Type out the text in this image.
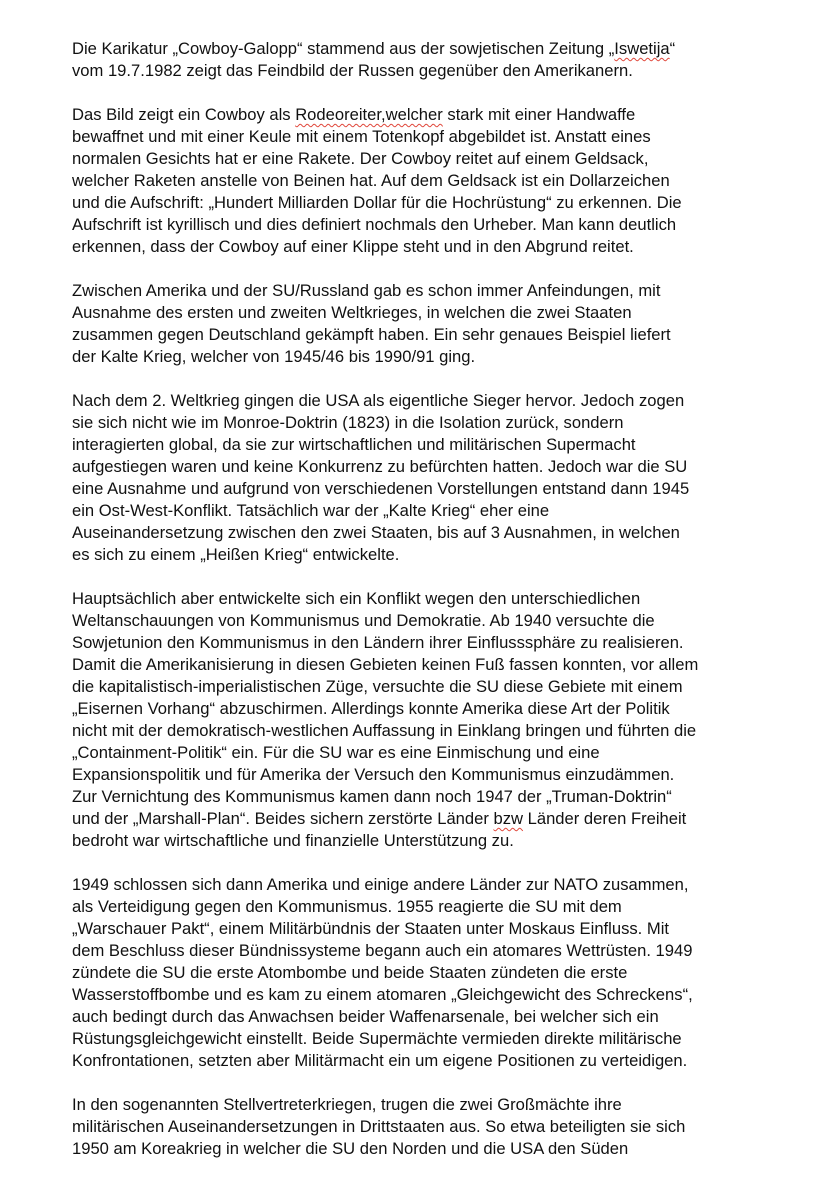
Die Karikatur „Cowboy-Galopp“ stammend aus der sowjetischen Zeitung „Iswetija“
vom 19.7.1982 zeigt das Feindbild der Russen gegenüber den Amerikanern.
Das Bild zeigt ein Cowboy als Rodeoreiter,welcher stark mit einer Handwaffe
bewaffnet und mit einer Keule mit einem Totenkopf abgebildet ist. Anstatt eines
normalen Gesichts hat er eine Rakete. Der Cowboy reitet auf einem Geldsack,
welcher Raketen anstelle von Beinen hat. Auf dem Geldsack ist ein Dollarzeichen
und die Aufschrift: „Hundert Milliarden Dollar für die Hochrüstung“ zu erkennen. Die
Aufschrift ist kyrillisch und dies definiert nochmals den Urheber. Man kann deutlich
erkennen, dass der Cowboy auf einer Klippe steht und in den Abgrund reitet.
Zwischen Amerika und der SU/Russland gab es schon immer Anfeindungen, mit
Ausnahme des ersten und zweiten Weltkrieges, in welchen die zwei Staaten
zusammen gegen Deutschland gekämpft haben. Ein sehr genaues Beispiel liefert
der Kalte Krieg, welcher von 1945/46 bis 1990/91 ging.
Nach dem 2. Weltkrieg gingen die USA als eigentliche Sieger hervor. Jedoch zogen
sie sich nicht wie im Monroe-Doktrin (1823) in die Isolation zurück, sondern
interagierten global, da sie zur wirtschaftlichen und militärischen Supermacht
aufgestiegen waren und keine Konkurrenz zu befürchten hatten. Jedoch war die SU
eine Ausnahme und aufgrund von verschiedenen Vorstellungen entstand dann 1945
ein Ost-West-Konflikt. Tatsächlich war der „Kalte Krieg“ eher eine
Auseinandersetzung zwischen den zwei Staaten, bis auf 3 Ausnahmen, in welchen
es sich zu einem „Heißen Krieg“ entwickelte.
Hauptsächlich aber entwickelte sich ein Konflikt wegen den unterschiedlichen
Weltanschauungen von Kommunismus und Demokratie. Ab 1940 versuchte die
Sowjetunion den Kommunismus in den Ländern ihrer Einflusssphäre zu realisieren.
Damit die Amerikanisierung in diesen Gebieten keinen Fuß fassen konnten, vor allem
die kapitalistisch-imperialistischen Züge, versuchte die SU diese Gebiete mit einem
„Eisernen Vorhang“ abzuschirmen. Allerdings konnte Amerika diese Art der Politik
nicht mit der demokratisch-westlichen Auffassung in Einklang bringen und führten die
„Containment-Politik“ ein. Für die SU war es eine Einmischung und eine
Expansionspolitik und für Amerika der Versuch den Kommunismus einzudämmen.
Zur Vernichtung des Kommunismus kamen dann noch 1947 der „Truman-Doktrin“
und der „Marshall-Plan“. Beides sichern zerstörte Länder bzw Länder deren Freiheit
bedroht war wirtschaftliche und finanzielle Unterstützung zu.
1949 schlossen sich dann Amerika und einige andere Länder zur NATO zusammen,
als Verteidigung gegen den Kommunismus. 1955 reagierte die SU mit dem
„Warschauer Pakt“, einem Militärbündnis der Staaten unter Moskaus Einfluss. Mit
dem Beschluss dieser Bündnissysteme begann auch ein atomares Wettrüsten. 1949
zündete die SU die erste Atombombe und beide Staaten zündeten die erste
Wasserstoffbombe und es kam zu einem atomaren „Gleichgewicht des Schreckens“,
auch bedingt durch das Anwachsen beider Waffenarsenale, bei welcher sich ein
Rüstungsgleichgewicht einstellt. Beide Supermächte vermieden direkte militärische
Konfrontationen, setzten aber Militärmacht ein um eigene Positionen zu verteidigen.
In den sogenannten Stellvertreterkriegen, trugen die zwei Großmächte ihre
militärischen Auseinandersetzungen in Drittstaaten aus. So etwa beteiligten sie sich
1950 am Koreakrieg in welcher die SU den Norden und die USA den Süden
